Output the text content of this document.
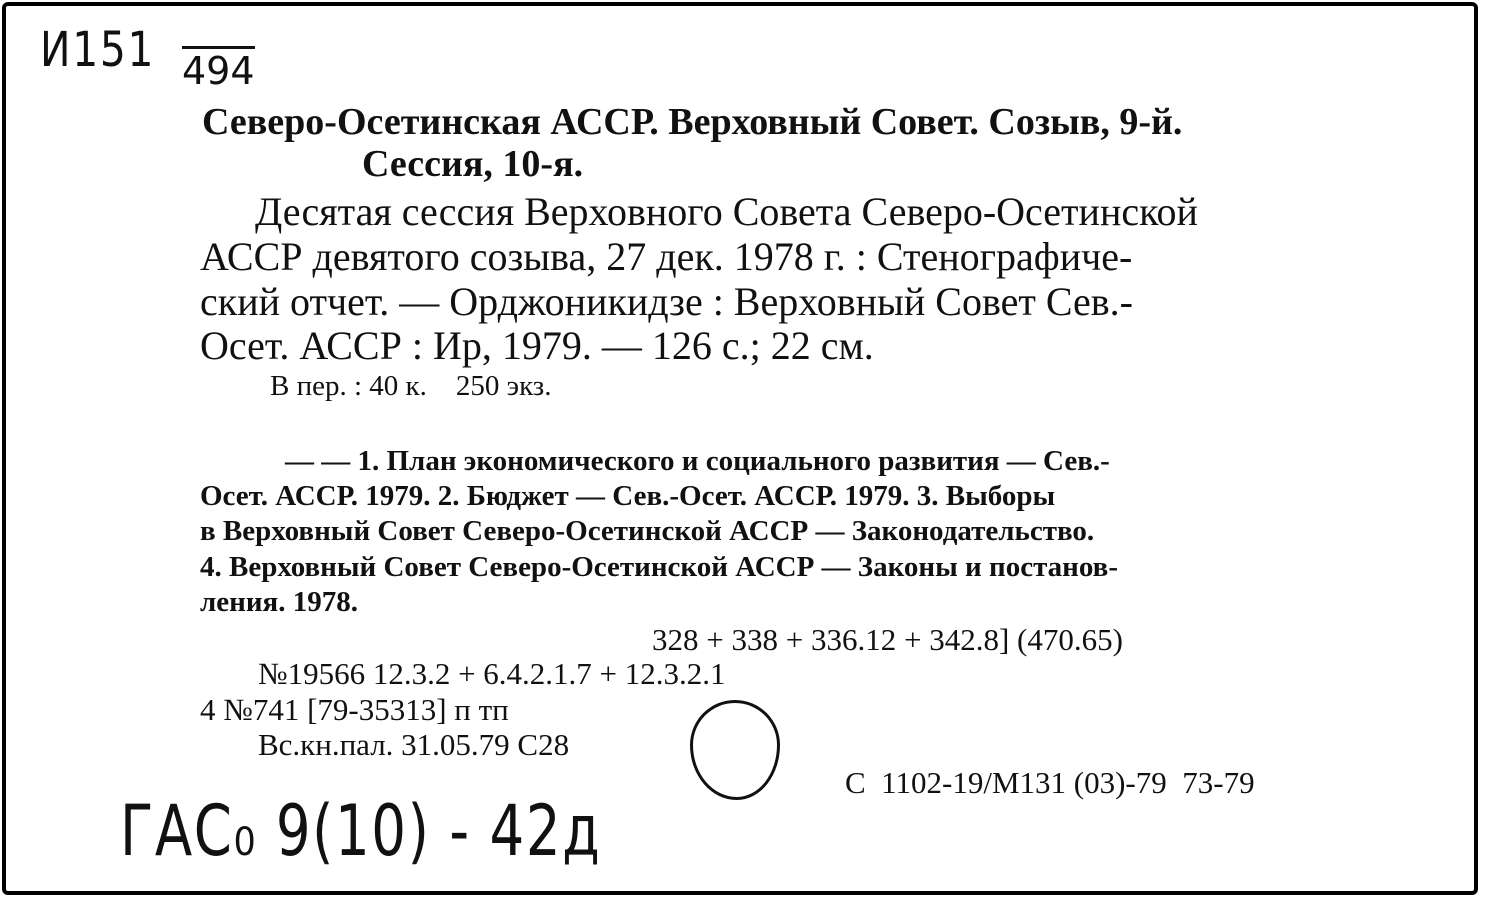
И151 494
Северо-Осетинская АССР. Верховный Совет. Созыв, 9-й.
Сессия, 10-я.
Десятая сессия Верховного Совета Северо-Осетинской
АССР девятого созыва, 27 дек. 1978 г. : Стенографиче-
ский отчет. — Орджоникидзе : Верховный Совет Сев.-
Осет. АССР : Ир, 1979. — 126 с.; 22 см.
В пер. : 40 к.    250 экз.
— — 1. План экономического и социального развития — Сев.-
Осет. АССР. 1979. 2. Бюджет — Сев.-Осет. АССР. 1979. 3. Выборы
в Верховный Совет Северо-Осетинской АССР — Законодательство.
4. Верховный Совет Северо-Осетинской АССР — Законы и постанов-
ления. 1978.
328 + 338 + 336.12 + 342.8] (470.65)
№19566 12.3.2 + 6.4.2.1.7 + 12.3.2.1
4 №741 [79-35313] п тп
Вс.кн.пал. 31.05.79 С28
С  1102-19/М131 (03)-79  73-79
ГАС₀ 9(10) - 42д
